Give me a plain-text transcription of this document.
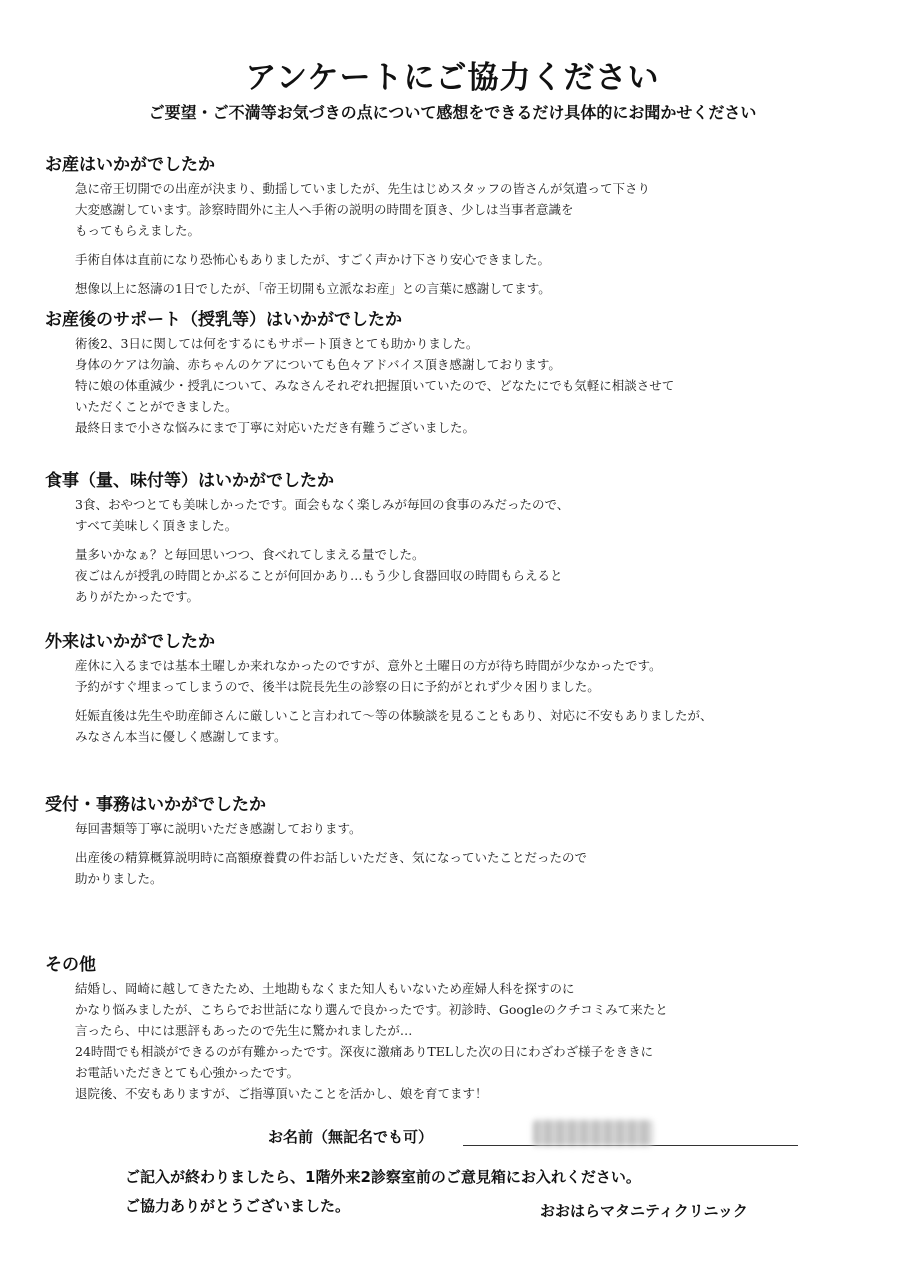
アンケートにご協力ください
ご要望・ご不満等お気づきの点について感想をできるだけ具体的にお聞かせください
お産はいかがでしたか
急に帝王切開での出産が決まり、動揺していましたが、先生はじめスタッフの皆さんが気遣って下さり
大変感謝しています。診察時間外に主人へ手術の説明の時間を頂き、少しは当事者意識を
もってもらえました。
手術自体は直前になり恐怖心もありましたが、すごく声かけ下さり安心できました。
想像以上に怒濤の1日でしたが、「帝王切開も立派なお産」との言葉に感謝してます。
お産後のサポート（授乳等）はいかがでしたか
術後2、3日に関しては何をするにもサポート頂きとても助かりました。
身体のケアは勿論、赤ちゃんのケアについても色々アドバイス頂き感謝しております。
特に娘の体重減少・授乳について、みなさんそれぞれ把握頂いていたので、どなたにでも気軽に相談させて
いただくことができました。
最終日まで小さな悩みにまで丁寧に対応いただき有難うございました。
食事（量、味付等）はいかがでしたか
3食、おやつとても美味しかったです。面会もなく楽しみが毎回の食事のみだったので、
すべて美味しく頂きました。
量多いかなぁ？と毎回思いつつ、食べれてしまえる量でした。
夜ごはんが授乳の時間とかぶることが何回かあり…もう少し食器回収の時間もらえると
ありがたかったです。
外来はいかがでしたか
産休に入るまでは基本土曜しか来れなかったのですが、意外と土曜日の方が待ち時間が少なかったです。
予約がすぐ埋まってしまうので、後半は院長先生の診察の日に予約がとれず少々困りました。
妊娠直後は先生や助産師さんに厳しいこと言われて～等の体験談を見ることもあり、対応に不安もありましたが、
みなさん本当に優しく感謝してます。
受付・事務はいかがでしたか
毎回書類等丁寧に説明いただき感謝しております。
出産後の精算概算説明時に高額療養費の件お話しいただき、気になっていたことだったので
助かりました。
その他
結婚し、岡崎に越してきたため、土地勘もなくまた知人もいないため産婦人科を探すのに
かなり悩みましたが、こちらでお世話になり選んで良かったです。初診時、Googleのクチコミみて来たと
言ったら、中には悪評もあったので先生に驚かれましたが…
24時間でも相談ができるのが有難かったです。深夜に激痛ありTELした次の日にわざわざ様子をききに
お電話いただきとても心強かったです。
退院後、不安もありますが、ご指導頂いたことを活かし、娘を育てます！
お名前（無記名でも可）
ご記入が終わりましたら、1階外来2診察室前のご意見箱にお入れください。
ご協力ありがとうございました。	おおはらマタニティクリニック
